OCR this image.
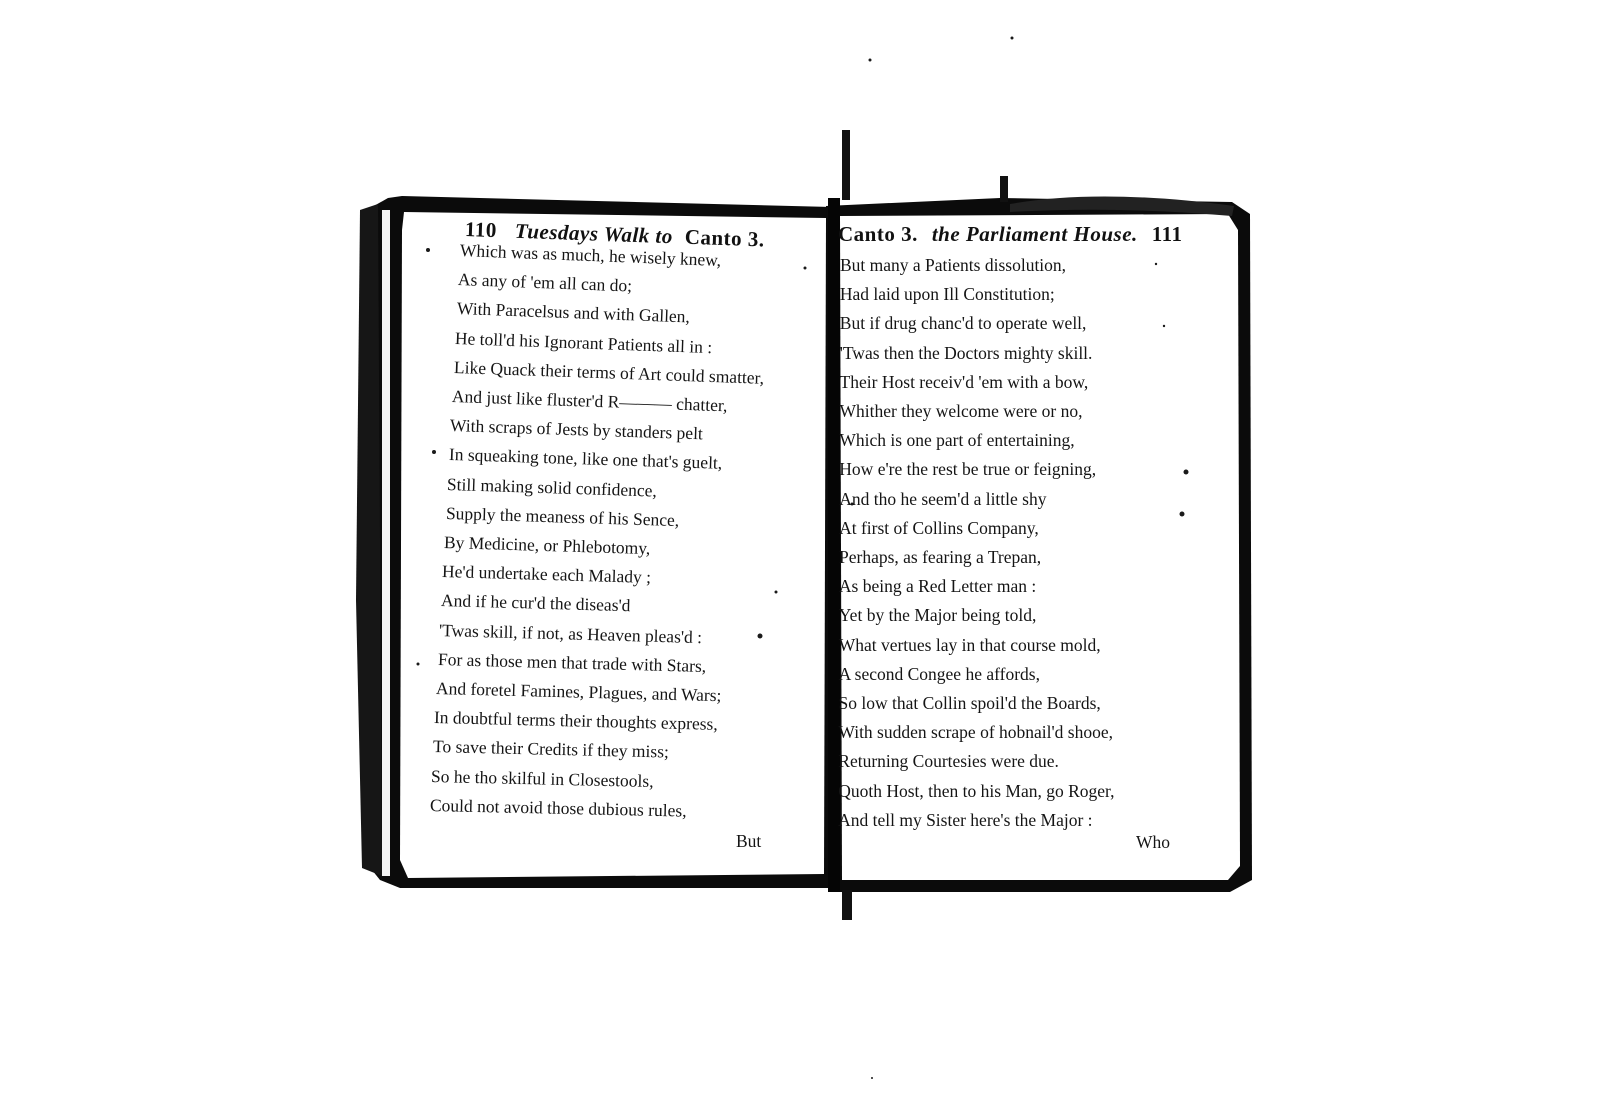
110 Tuesdays Walk to Canto 3.
Which was as much, he wisely knew,
As any of 'em all can do;
With Paracelsus and with Gallen,
He toll'd his Ignorant Patients all in :
Like Quack their terms of Art could smatter,
And just like fluster'd R——— chatter,
With scraps of Jests by standers pelt
In squeaking tone, like one that's guelt,
Still making solid confidence,
Supply the meaness of his Sence,
By Medicine, or Phlebotomy,
He'd undertake each Malady ;
And if he cur'd the diseas'd
'Twas skill, if not, as Heaven pleas'd :
For as those men that trade with Stars,
And foretel Famines, Plagues, and Wars;
In doubtful terms their thoughts express,
To save their Credits if they miss;
So he tho skilful in Closestools,
Could not avoid those dubious rules,
But
Canto 3. the Parliament House. 111
But many a Patients dissolution,
Had laid upon Ill Constitution;
But if drug chanc'd to operate well,
'Twas then the Doctors mighty skill.
Their Host receiv'd 'em with a bow,
Whither they welcome were or no,
Which is one part of entertaining,
How e're the rest be true or feigning,
And tho he seem'd a little shy
At first of Collins Company,
Perhaps, as fearing a Trepan,
As being a Red Letter man :
Yet by the Major being told,
What vertues lay in that course mold,
A second Congee he affords,
So low that Collin spoil'd the Boards,
With sudden scrape of hobnail'd shooe,
Returning Courtesies were due.
Quoth Host, then to his Man, go Roger,
And tell my Sister here's the Major :
Who
